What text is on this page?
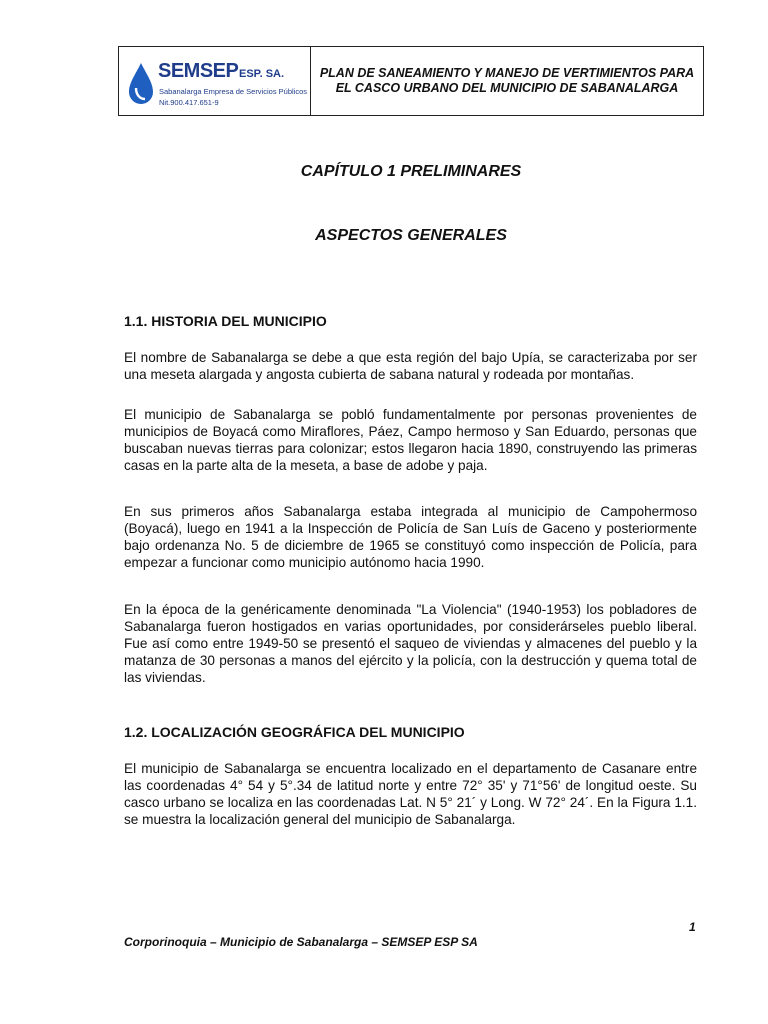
SEMSEP ESP. SA.
Sabanalarga Empresa de Servicios Públicos
Nit.900.417.651-9
PLAN DE SANEAMIENTO Y MANEJO DE VERTIMIENTOS PARA
EL CASCO URBANO DEL MUNICIPIO DE SABANALARGA
CAPÍTULO 1 PRELIMINARES
ASPECTOS GENERALES
1.1. HISTORIA DEL MUNICIPIO

El nombre de Sabanalarga se debe a que esta región del bajo Upía, se caracterizaba por ser una meseta alargada y angosta cubierta de sabana natural y rodeada por montañas.

El municipio de Sabanalarga se pobló fundamentalmente por personas provenientes de municipios de Boyacá como Miraflores, Páez, Campo hermoso y San Eduardo, personas que buscaban nuevas tierras para colonizar; estos llegaron hacia 1890, construyendo las primeras casas en la parte alta de la meseta, a base de adobe y paja.

En sus primeros años Sabanalarga estaba integrada al municipio de Campohermoso (Boyacá), luego en 1941 a la Inspección de Policía de San Luís de Gaceno y posteriormente bajo ordenanza No. 5 de diciembre de 1965 se constituyó como inspección de Policía, para empezar a funcionar como municipio autónomo hacia 1990.

En la época de la genéricamente denominada "La Violencia" (1940-1953) los pobladores de Sabanalarga fueron hostigados en varias oportunidades, por considerárseles pueblo liberal. Fue así como entre 1949-50 se presentó el saqueo de viviendas y almacenes del pueblo y la matanza de 30 personas a manos del ejército y la policía, con la destrucción y quema total de las viviendas.

1.2. LOCALIZACIÓN GEOGRÁFICA DEL MUNICIPIO

El municipio de Sabanalarga se encuentra localizado en el departamento de Casanare entre las coordenadas 4° 54 y 5°.34 de latitud norte y entre 72° 35' y 71°56' de longitud oeste. Su casco urbano se localiza en las coordenadas Lat. N 5° 21´ y Long. W 72° 24´. En la Figura 1.1. se muestra la localización general del municipio de Sabanalarga.

1
Corporinoquia – Municipio de Sabanalarga – SEMSEP ESP SA
